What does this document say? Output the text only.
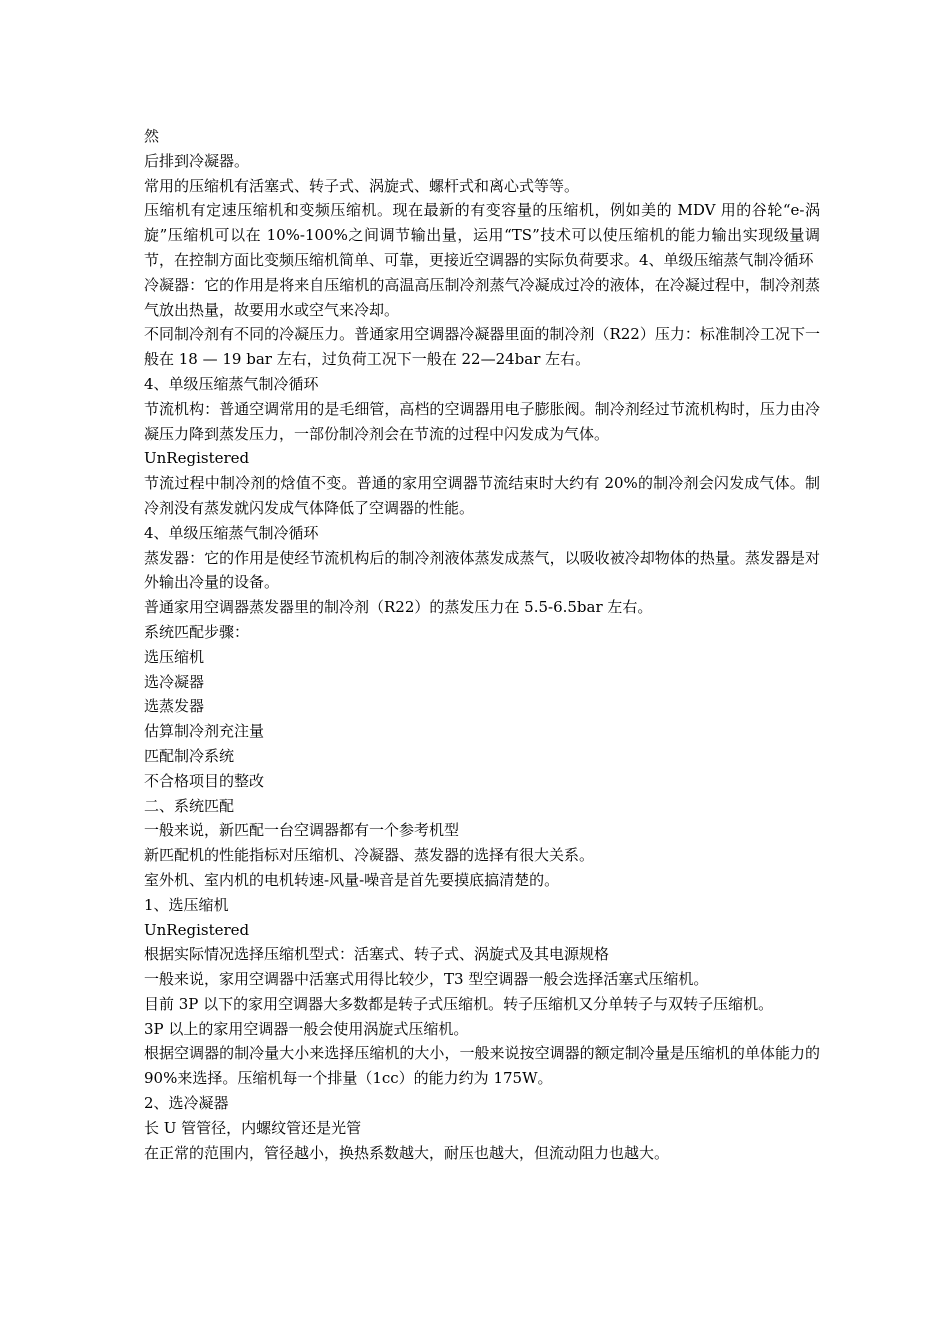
然

后排到冷凝器。

常用的压缩机有活塞式、转子式、涡旋式、螺杆式和离心式等等。

压缩机有定速压缩机和变频压缩机。现在最新的有变容量的压缩机，例如美的 MDV 用的谷轮“e-涡旋”压缩机可以在 10%-100%之间调节输出量，运用“TS”技术可以使压缩机的能力输出实现级量调节，在控制方面比变频压缩机简单、可靠，更接近空调器的实际负荷要求。4、单级压缩蒸气制冷循环

冷凝器：它的作用是将来自压缩机的高温高压制冷剂蒸气冷凝成过冷的液体，在冷凝过程中，制冷剂蒸气放出热量，故要用水或空气来冷却。

不同制冷剂有不同的冷凝压力。普通家用空调器冷凝器里面的制冷剂（R22）压力：标准制冷工况下一般在 18 — 19 bar 左右，过负荷工况下一般在 22—24bar 左右。

4、单级压缩蒸气制冷循环

节流机构：普通空调常用的是毛细管，高档的空调器用电子膨胀阀。制冷剂经过节流机构时，压力由冷凝压力降到蒸发压力，一部份制冷剂会在节流的过程中闪发成为气体。

UnRegistered

节流过程中制冷剂的焓值不变。普通的家用空调器节流结束时大约有 20%的制冷剂会闪发成气体。制冷剂没有蒸发就闪发成气体降低了空调器的性能。

4、单级压缩蒸气制冷循环

蒸发器：它的作用是使经节流机构后的制冷剂液体蒸发成蒸气，以吸收被冷却物体的热量。蒸发器是对外输出冷量的设备。

普通家用空调器蒸发器里的制冷剂（R22）的蒸发压力在 5.5-6.5bar 左右。

系统匹配步骤：

选压缩机

选冷凝器

选蒸发器

估算制冷剂充注量

匹配制冷系统

不合格项目的整改

二、系统匹配

一般来说，新匹配一台空调器都有一个参考机型

新匹配机的性能指标对压缩机、冷凝器、蒸发器的选择有很大关系。

室外机、室内机的电机转速-风量-噪音是首先要摸底搞清楚的。

1、选压缩机

UnRegistered

根据实际情况选择压缩机型式：活塞式、转子式、涡旋式及其电源规格

一般来说，家用空调器中活塞式用得比较少，T3 型空调器一般会选择活塞式压缩机。

目前 3P 以下的家用空调器大多数都是转子式压缩机。转子压缩机又分单转子与双转子压缩机。

3P 以上的家用空调器一般会使用涡旋式压缩机。

根据空调器的制冷量大小来选择压缩机的大小，一般来说按空调器的额定制冷量是压缩机的单体能力的 90%来选择。压缩机每一个排量（1cc）的能力约为 175W。

2、选冷凝器

长 U 管管径，内螺纹管还是光管

在正常的范围内，管径越小，换热系数越大，耐压也越大，但流动阻力也越大。
